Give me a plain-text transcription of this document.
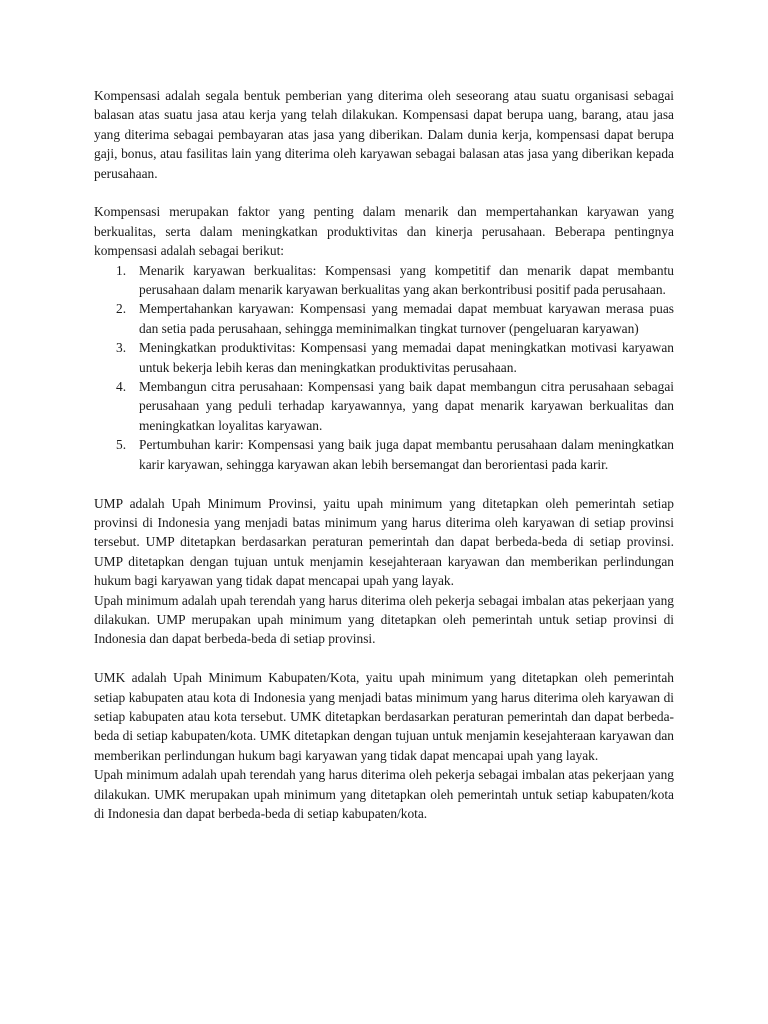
Kompensasi adalah segala bentuk pemberian yang diterima oleh seseorang atau suatu organisasi sebagai balasan atas suatu jasa atau kerja yang telah dilakukan. Kompensasi dapat berupa uang, barang, atau jasa yang diterima sebagai pembayaran atas jasa yang diberikan. Dalam dunia kerja, kompensasi dapat berupa gaji, bonus, atau fasilitas lain yang diterima oleh karyawan sebagai balasan atas jasa yang diberikan kepada perusahaan.

Kompensasi merupakan faktor yang penting dalam menarik dan mempertahankan karyawan yang berkualitas, serta dalam meningkatkan produktivitas dan kinerja perusahaan. Beberapa pentingnya kompensasi adalah sebagai berikut:

1. Menarik karyawan berkualitas: Kompensasi yang kompetitif dan menarik dapat membantu perusahaan dalam menarik karyawan berkualitas yang akan berkontribusi positif pada perusahaan.
2. Mempertahankan karyawan: Kompensasi yang memadai dapat membuat karyawan merasa puas dan setia pada perusahaan, sehingga meminimalkan tingkat turnover (pengeluaran karyawan)
3. Meningkatkan produktivitas: Kompensasi yang memadai dapat meningkatkan motivasi karyawan untuk bekerja lebih keras dan meningkatkan produktivitas perusahaan.
4. Membangun citra perusahaan: Kompensasi yang baik dapat membangun citra perusahaan sebagai perusahaan yang peduli terhadap karyawannya, yang dapat menarik karyawan berkualitas dan meningkatkan loyalitas karyawan.
5. Pertumbuhan karir: Kompensasi yang baik juga dapat membantu perusahaan dalam meningkatkan karir karyawan, sehingga karyawan akan lebih bersemangat dan berorientasi pada karir.

UMP adalah Upah Minimum Provinsi, yaitu upah minimum yang ditetapkan oleh pemerintah setiap provinsi di Indonesia yang menjadi batas minimum yang harus diterima oleh karyawan di setiap provinsi tersebut. UMP ditetapkan berdasarkan peraturan pemerintah dan dapat berbeda-beda di setiap provinsi. UMP ditetapkan dengan tujuan untuk menjamin kesejahteraan karyawan dan memberikan perlindungan hukum bagi karyawan yang tidak dapat mencapai upah yang layak.

Upah minimum adalah upah terendah yang harus diterima oleh pekerja sebagai imbalan atas pekerjaan yang dilakukan. UMP merupakan upah minimum yang ditetapkan oleh pemerintah untuk setiap provinsi di Indonesia dan dapat berbeda-beda di setiap provinsi.

UMK adalah Upah Minimum Kabupaten/Kota, yaitu upah minimum yang ditetapkan oleh pemerintah setiap kabupaten atau kota di Indonesia yang menjadi batas minimum yang harus diterima oleh karyawan di setiap kabupaten atau kota tersebut. UMK ditetapkan berdasarkan peraturan pemerintah dan dapat berbeda-beda di setiap kabupaten/kota. UMK ditetapkan dengan tujuan untuk menjamin kesejahteraan karyawan dan memberikan perlindungan hukum bagi karyawan yang tidak dapat mencapai upah yang layak.

Upah minimum adalah upah terendah yang harus diterima oleh pekerja sebagai imbalan atas pekerjaan yang dilakukan. UMK merupakan upah minimum yang ditetapkan oleh pemerintah untuk setiap kabupaten/kota di Indonesia dan dapat berbeda-beda di setiap kabupaten/kota.
